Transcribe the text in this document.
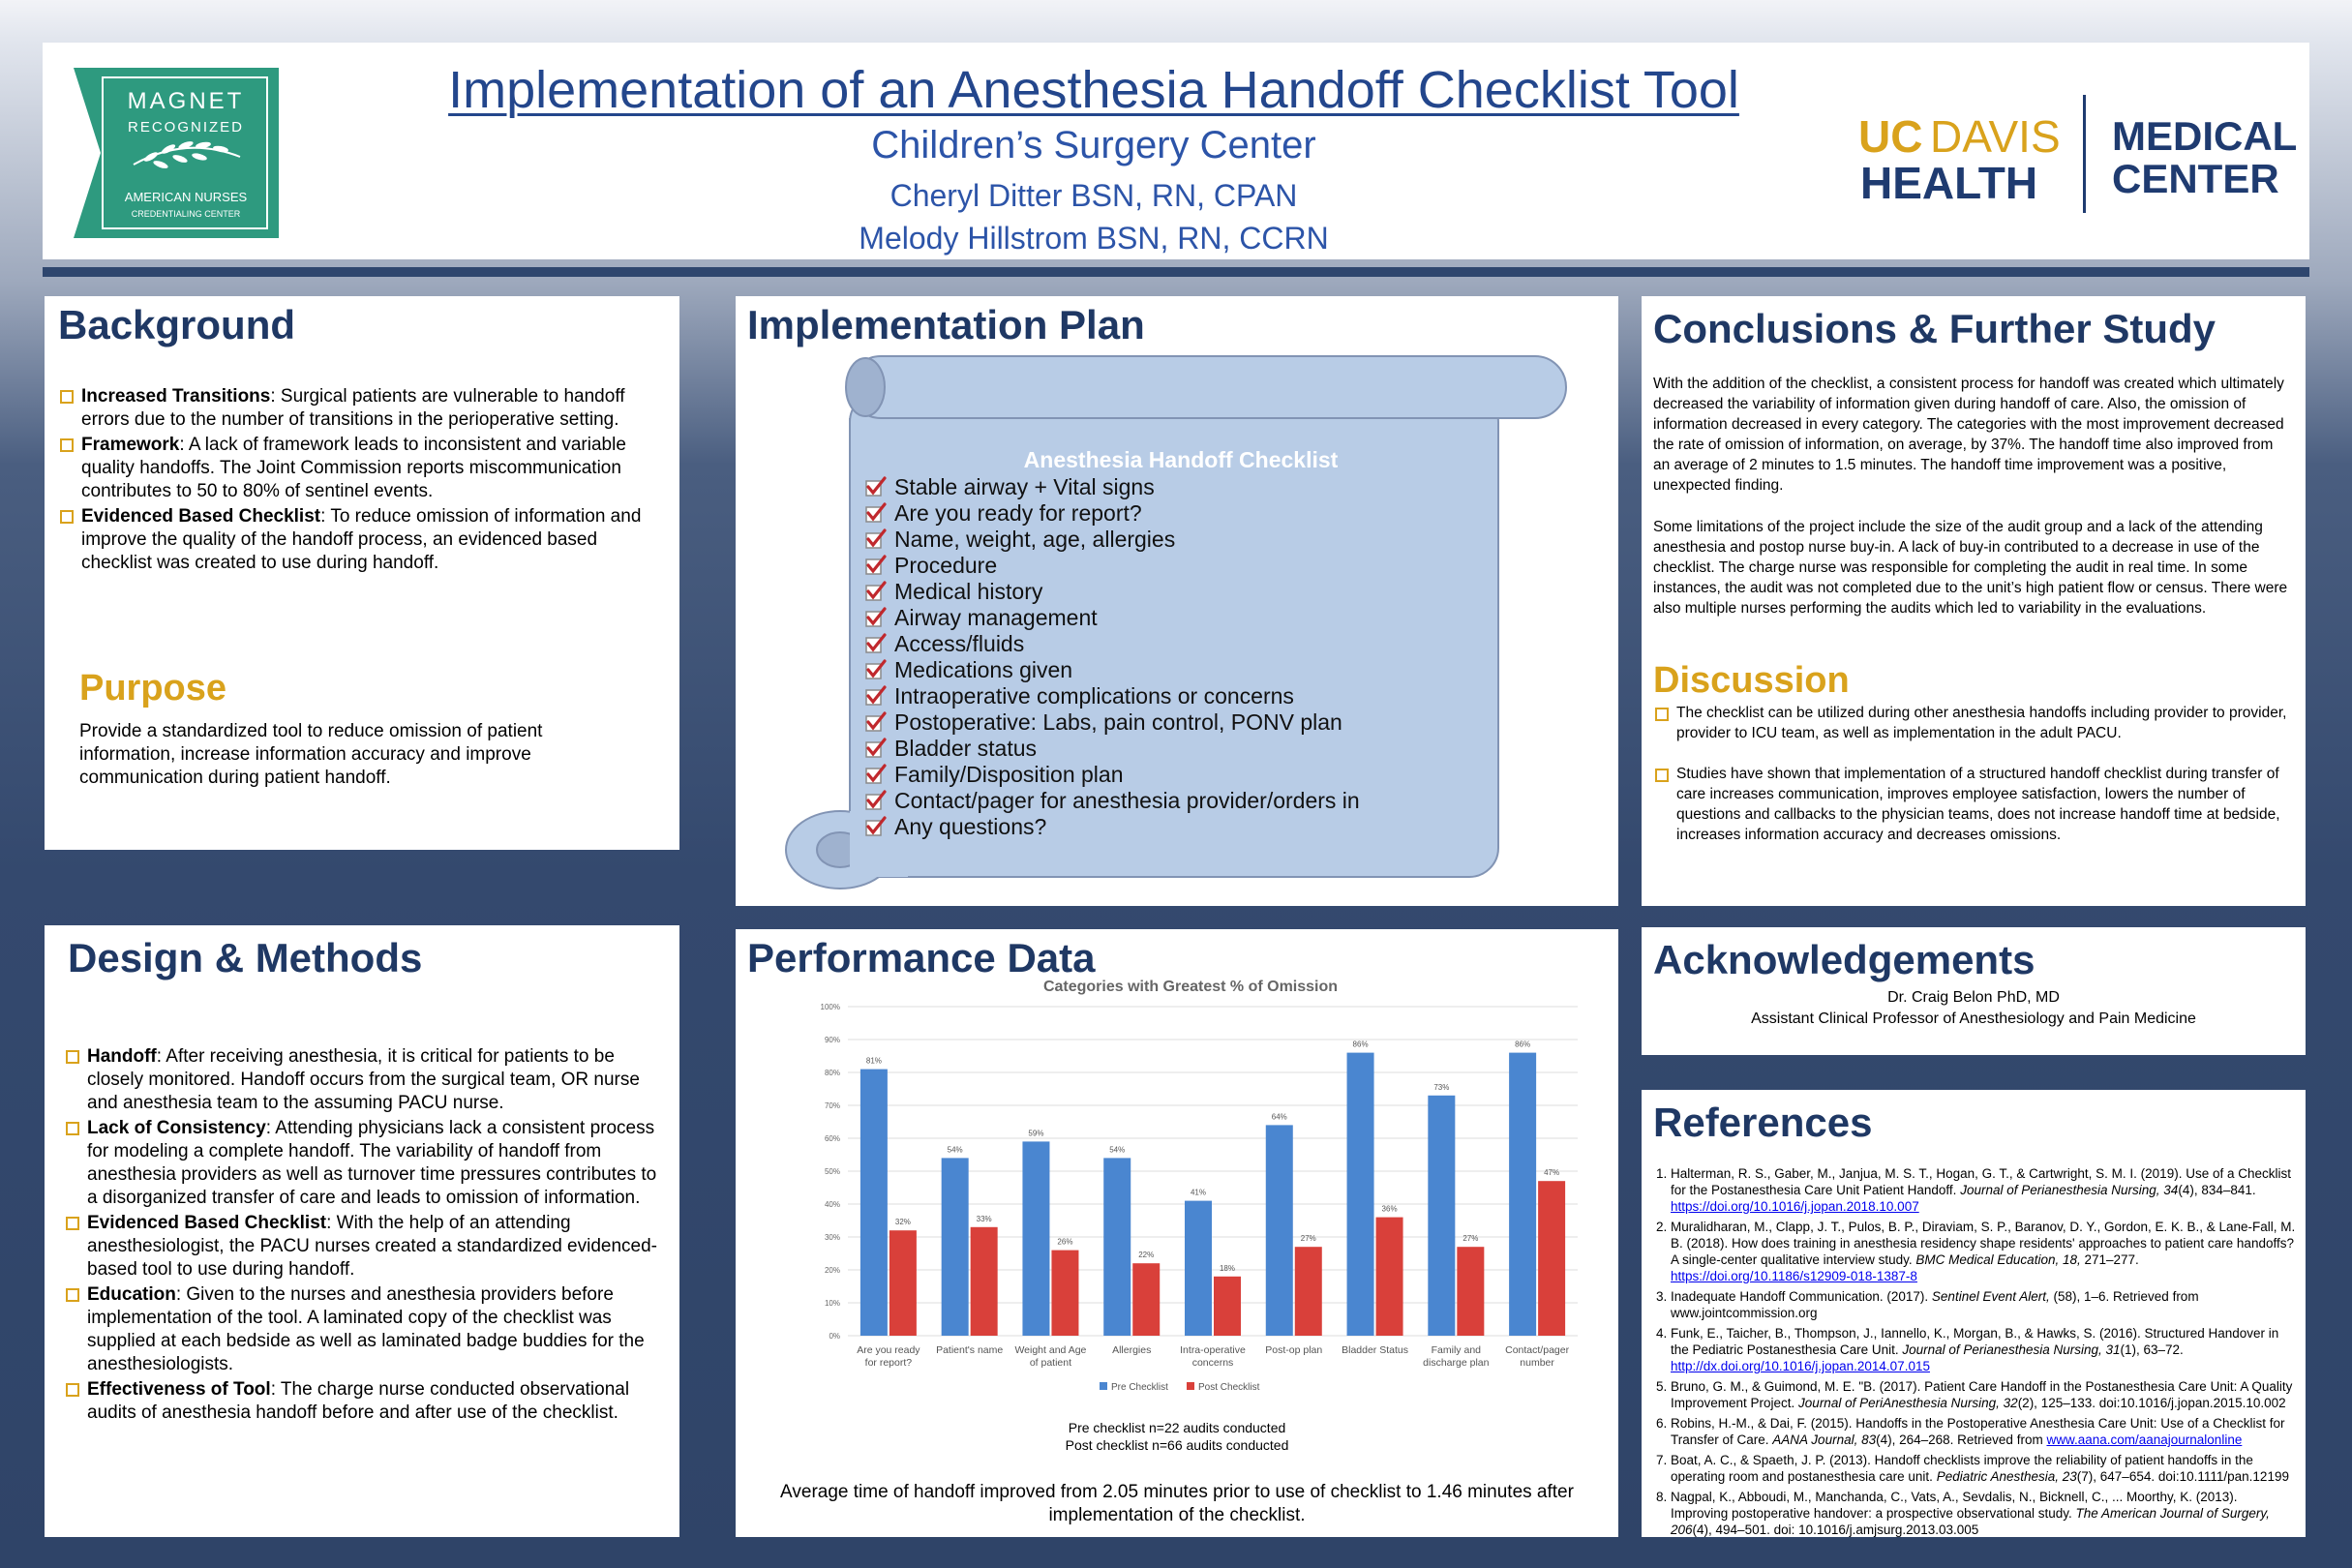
MAGNET
RECOGNIZED
AMERICAN NURSES
CREDENTIALING CENTER
Implementation of an Anesthesia Handoff Checklist Tool
Children’s Surgery Center
Cheryl Ditter BSN, RN, CPAN
Melody Hillstrom BSN, RN, CCRN
UC DAVIS
HEALTH
MEDICAL
CENTER
Background
Increased Transitions: Surgical patients are vulnerable to handoff errors due to the number of transitions in the perioperative setting.
Framework: A lack of framework leads to inconsistent and variable quality handoffs. The Joint Commission reports miscommunication contributes to 50 to 80% of sentinel events.
Evidenced Based Checklist: To reduce omission of information and improve the quality of the handoff process, an evidenced based checklist was created to use during handoff.
Purpose
Provide a standardized tool to reduce omission of patient information, increase information accuracy and improve communication during patient handoff.
Implementation Plan
Anesthesia Handoff Checklist
Stable airway + Vital signs
Are you ready for report?
Name, weight, age, allergies
Procedure
Medical history
Airway management
Access/fluids
Medications given
Intraoperative complications or concerns
Postoperative: Labs, pain control, PONV plan
Bladder status
Family/Disposition plan
Contact/pager for anesthesia provider/orders in
Any questions?
Conclusions & Further Study
With the addition of the checklist, a consistent process for handoff was created which ultimately decreased the variability of information given during handoff of care. Also, the omission of information decreased in every category. The categories with the most improvement decreased the rate of omission of information, on average, by 37%. The handoff time also improved from an average of 2 minutes to 1.5 minutes. The handoff time improvement was a positive, unexpected finding.
Some limitations of the project include the size of the audit group and a lack of the attending anesthesia and postop nurse buy-in. A lack of buy-in contributed to a decrease in use of the checklist. The charge nurse was responsible for completing the audit in real time. In some instances, the audit was not completed due to the unit’s high patient flow or census. There were also multiple nurses performing the audits which led to variability in the evaluations.
Discussion
The checklist can be utilized during other anesthesia handoffs including provider to provider, provider to ICU team, as well as implementation in the adult PACU.
Studies have shown that implementation of a structured handoff checklist during transfer of care increases communication, improves employee satisfaction, lowers the number of questions and callbacks to the physician teams, does not increase handoff time at bedside, increases information accuracy and decreases omissions.
Design & Methods
Handoff: After receiving anesthesia, it is critical for patients to be closely monitored. Handoff occurs from the surgical team, OR nurse and anesthesia team to the assuming PACU nurse.
Lack of Consistency: Attending physicians lack a consistent process for modeling a complete handoff. The variability of handoff from anesthesia providers as well as turnover time pressures contributes to a disorganized transfer of care and leads to omission of information.
Evidenced Based Checklist: With the help of an attending anesthesiologist, the PACU nurses created a standardized evidenced-based tool to use during handoff.
Education: Given to the nurses and anesthesia providers before implementation of the tool. A laminated copy of the checklist was supplied at each bedside as well as laminated badge buddies for the anesthesiologists.
Effectiveness of Tool: The charge nurse conducted observational audits of anesthesia handoff before and after use of the checklist.
Performance Data
Pre checklist n=22 audits conducted
Post checklist n=66 audits conducted
Average time of handoff improved from 2.05 minutes prior to use of checklist to 1.46 minutes after implementation of the checklist.
Categories with Greatest % of Omission
0%
10%
20%
30%
40%
50%
60%
70%
80%
90%
100%
81%
32%
Are you ready
for report?
54%
33%
Patient's name
59%
26%
Weight and Age
of patient
54%
22%
Allergies
41%
18%
Intra-operative
concerns
64%
27%
Post-op plan
86%
36%
Bladder Status
73%
27%
Family and
discharge plan
86%
47%
Contact/pager
number
Pre Checklist	Post Checklist
Acknowledgements
Dr. Craig Belon PhD, MD
Assistant Clinical Professor of Anesthesiology and Pain Medicine
References
1. Halterman, R. S., Gaber, M., Janjua, M. S. T., Hogan, G. T., & Cartwright, S. M. I. (2019). Use of a Checklist for the Postanesthesia Care Unit Patient Handoff. Journal of Perianesthesia Nursing, 34(4), 834–841. https://doi.org/10.1016/j.jopan.2018.10.007
2. Muralidharan, M., Clapp, J. T., Pulos, B. P., Diraviam, S. P., Baranov, D. Y., Gordon, E. K. B., & Lane-Fall, M. B. (2018). How does training in anesthesia residency shape residents' approaches to patient care handoffs? A single-center qualitative interview study. BMC Medical Education, 18, 271–277. https://doi.org/10.1186/s12909-018-1387-8
3. Inadequate Handoff Communication. (2017). Sentinel Event Alert, (58), 1–6. Retrieved from www.jointcommission.org
4. Funk, E., Taicher, B., Thompson, J., Iannello, K., Morgan, B., & Hawks, S. (2016). Structured Handover in the Pediatric Postanesthesia Care Unit. Journal of Perianesthesia Nursing, 31(1), 63–72. http://dx.doi.org/10.1016/j.jopan.2014.07.015
5. Bruno, G. M., & Guimond, M. E. "B. (2017). Patient Care Handoff in the Postanesthesia Care Unit: A Quality Improvement Project. Journal of PeriAnesthesia Nursing, 32(2), 125–133. doi:10.1016/j.jopan.2015.10.002
6. Robins, H.-M., & Dai, F. (2015). Handoffs in the Postoperative Anesthesia Care Unit: Use of a Checklist for Transfer of Care. AANA Journal, 83(4), 264–268. Retrieved from www.aana.com/aanajournalonline
7. Boat, A. C., & Spaeth, J. P. (2013). Handoff checklists improve the reliability of patient handoffs in the operating room and postanesthesia care unit. Pediatric Anesthesia, 23(7), 647–654. doi:10.1111/pan.12199
8. Nagpal, K., Abboudi, M., Manchanda, C., Vats, A., Sevdalis, N., Bicknell, C., ... Moorthy, K. (2013). Improving postoperative handover: a prospective observational study. The American Journal of Surgery, 206(4), 494–501. doi: 10.1016/j.amjsurg.2013.03.005
